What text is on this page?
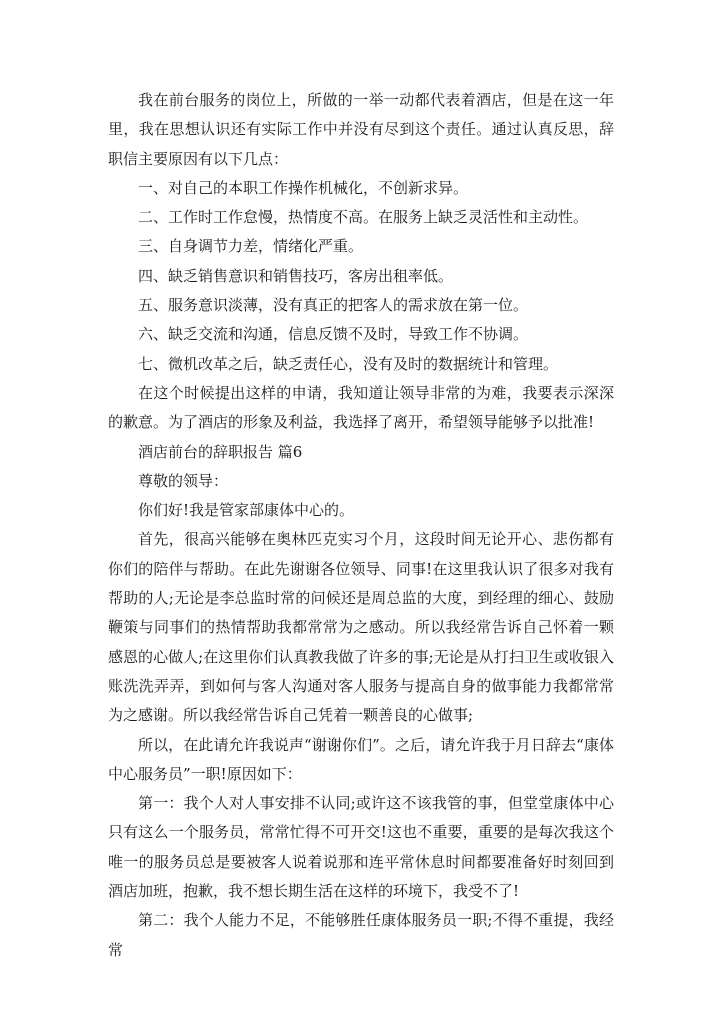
我在前台服务的岗位上，所做的一举一动都代表着酒店，但是在这一年里，我在思想认识还有实际工作中并没有尽到这个责任。通过认真反思，辞职信主要原因有以下几点：

一、对自己的本职工作操作机械化，不创新求异。

二、工作时工作怠慢，热情度不高。在服务上缺乏灵活性和主动性。

三、自身调节力差，情绪化严重。

四、缺乏销售意识和销售技巧，客房出租率低。

五、服务意识淡薄，没有真正的把客人的需求放在第一位。

六、缺乏交流和沟通，信息反馈不及时，导致工作不协调。

七、微机改革之后，缺乏责任心，没有及时的数据统计和管理。

在这个时候提出这样的申请，我知道让领导非常的为难，我要表示深深的歉意。为了酒店的形象及利益，我选择了离开，希望领导能够予以批准!

酒店前台的辞职报告 篇6

尊敬的领导：

你们好!我是管家部康体中心的。

首先，很高兴能够在奥林匹克实习个月，这段时间无论开心、悲伤都有你们的陪伴与帮助。在此先谢谢各位领导、同事!在这里我认识了很多对我有帮助的人;无论是李总监时常的问候还是周总监的大度，到经理的细心、鼓励鞭策与同事们的热情帮助我都常常为之感动。所以我经常告诉自己怀着一颗感恩的心做人;在这里你们认真教我做了许多的事;无论是从打扫卫生或收银入账洗洗弄弄，到如何与客人沟通对客人服务与提高自身的做事能力我都常常为之感谢。所以我经常告诉自己凭着一颗善良的心做事;

所以，在此请允许我说声“谢谢你们”。之后，请允许我于月日辞去“康体中心服务员”一职!原因如下：

第一：我个人对人事安排不认同;或许这不该我管的事，但堂堂康体中心只有这么一个服务员，常常忙得不可开交!这也不重要，重要的是每次我这个唯一的服务员总是要被客人说着说那和连平常休息时间都要准备好时刻回到酒店加班，抱歉，我不想长期生活在这样的环境下，我受不了!

第二：我个人能力不足，不能够胜任康体服务员一职;不得不重提，我经常
